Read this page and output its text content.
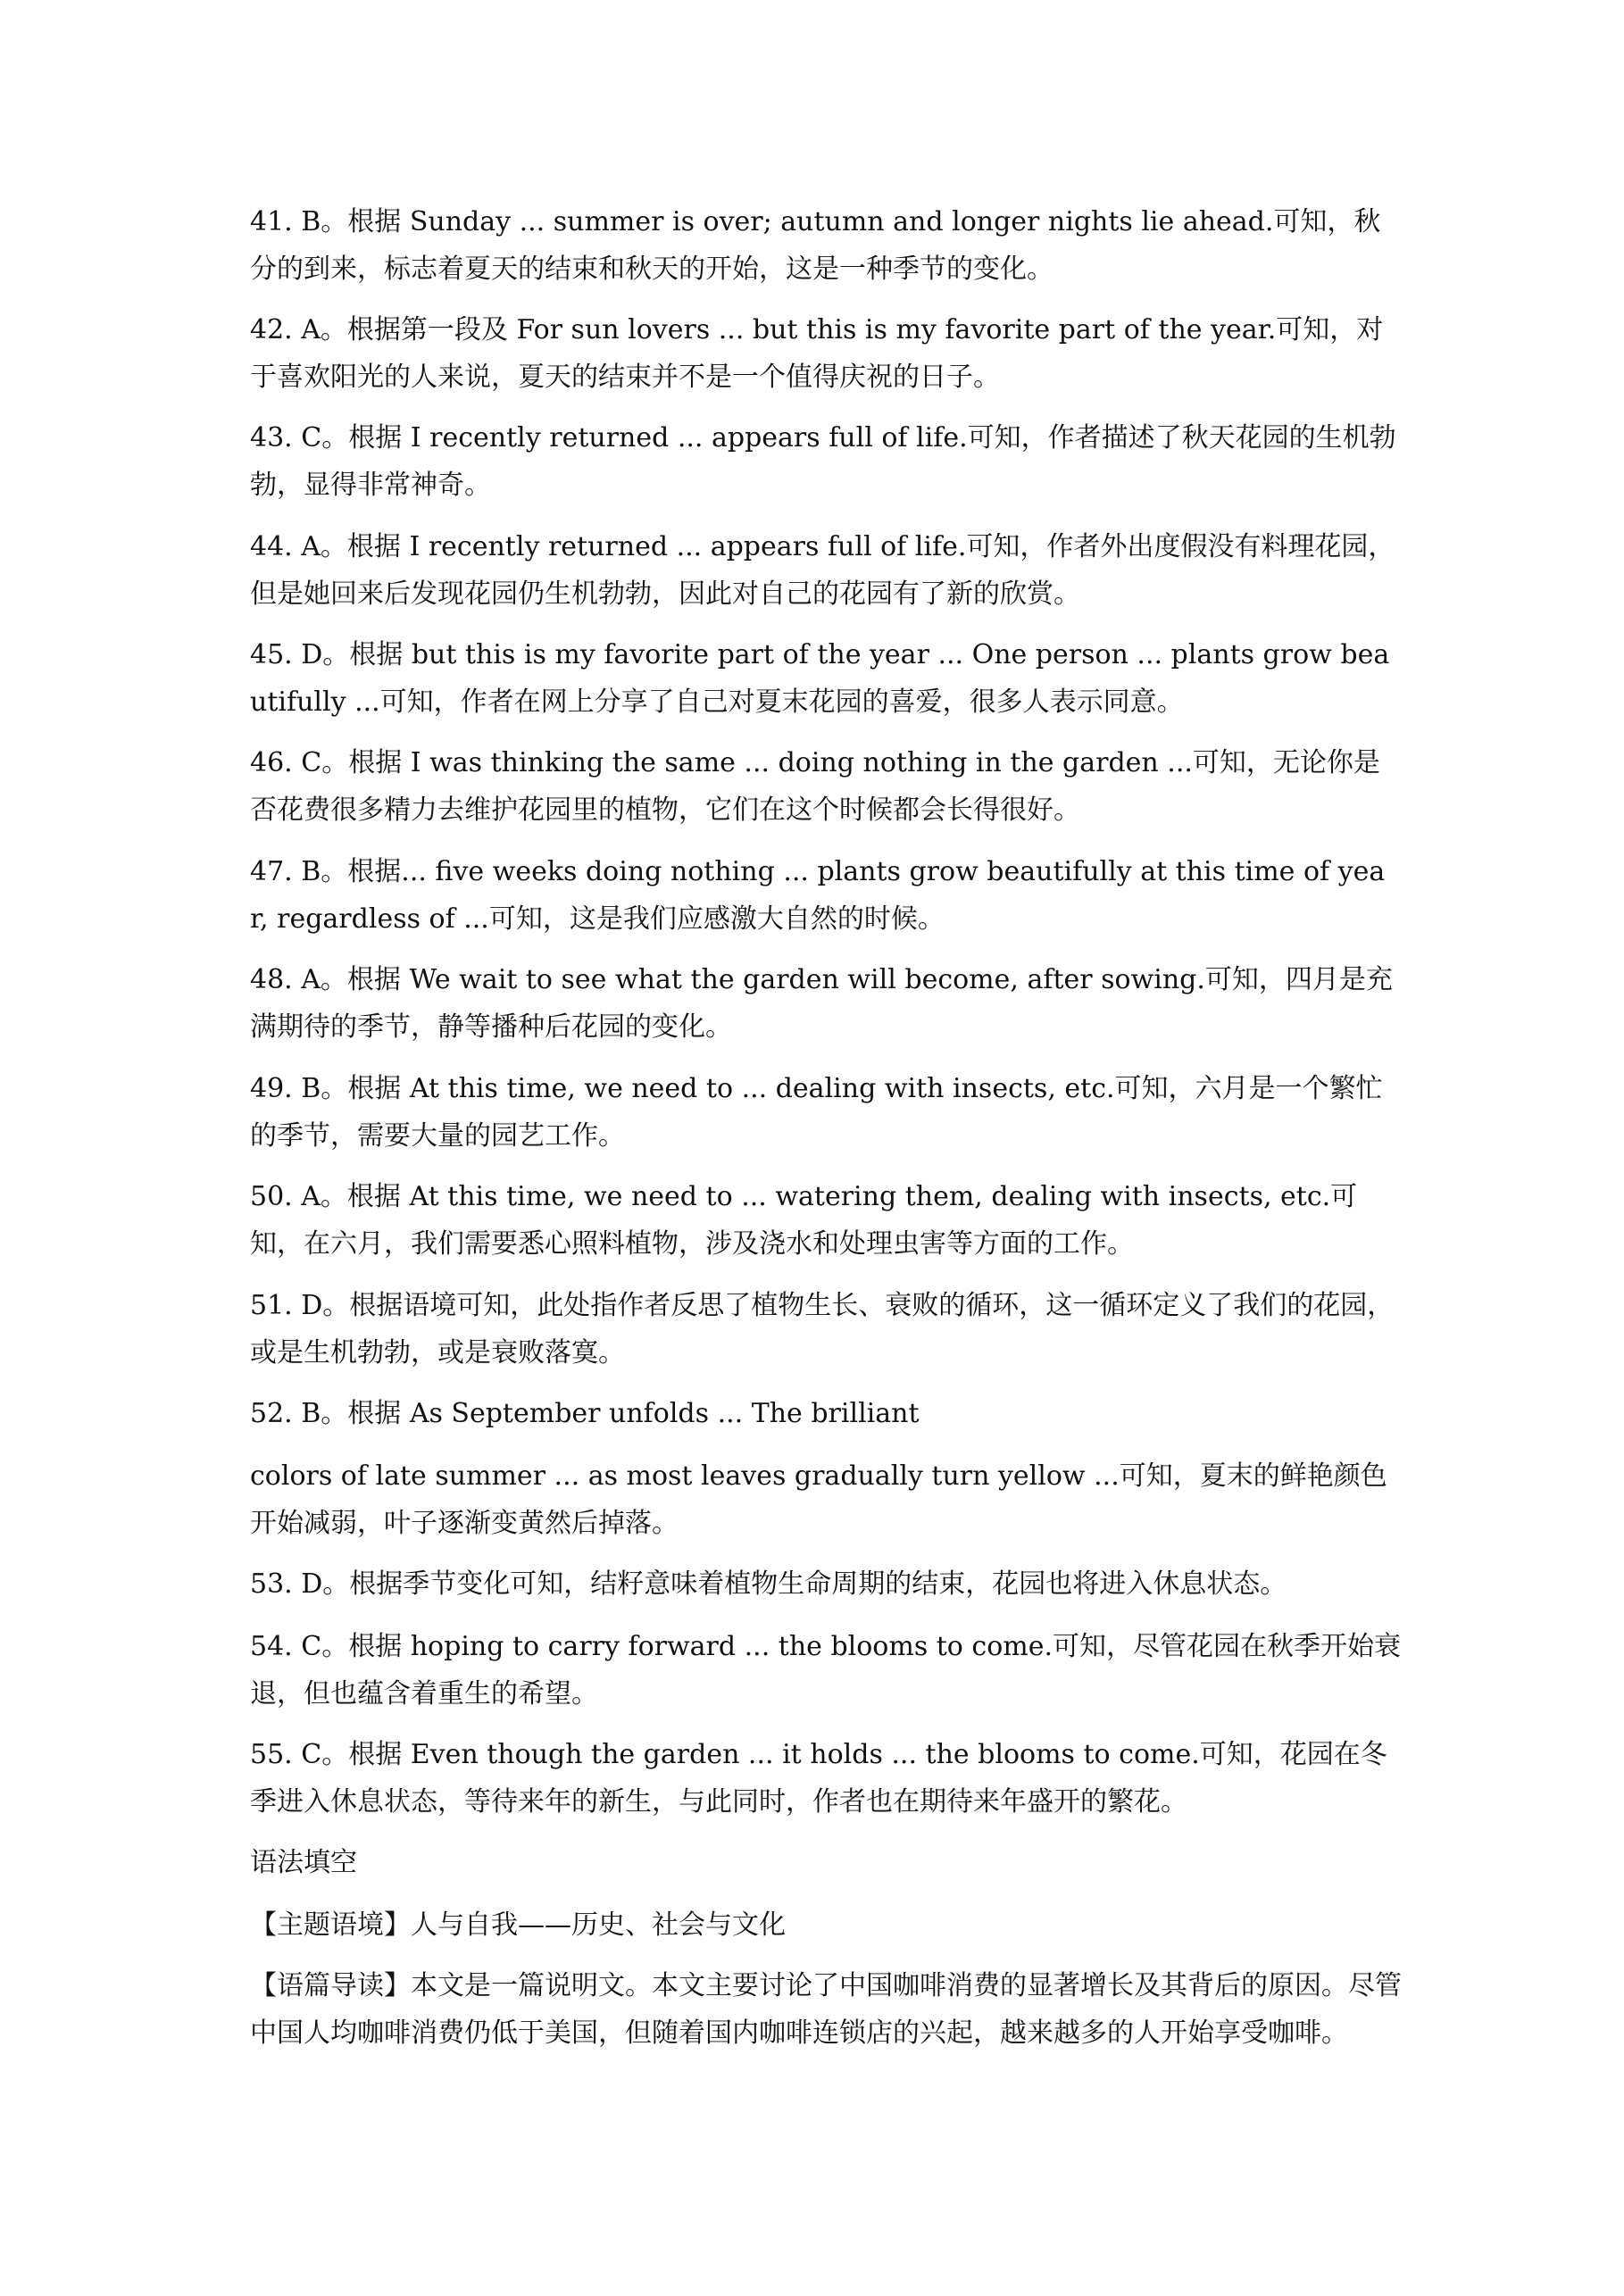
41. B。根据 Sunday ... summer is over; autumn and longer nights lie ahead.可知，秋分的到来，标志着夏天的结束和秋天的开始，这是一种季节的变化。

42. A。根据第一段及 For sun lovers ... but this is my favorite part of the year.可知，对于喜欢阳光的人来说，夏天的结束并不是一个值得庆祝的日子。

43. C。根据 I recently returned ... appears full of life.可知，作者描述了秋天花园的生机勃勃，显得非常神奇。

44. A。根据 I recently returned ... appears full of life.可知，作者外出度假没有料理花园，但是她回来后发现花园仍生机勃勃，因此对自己的花园有了新的欣赏。

45. D。根据 but this is my favorite part of the year ... One person ... plants grow beautifully ...可知，作者在网上分享了自己对夏末花园的喜爱，很多人表示同意。

46. C。根据 I was thinking the same ... doing nothing in the garden ...可知，无论你是否花费很多精力去维护花园里的植物，它们在这个时候都会长得很好。

47. B。根据... five weeks doing nothing ... plants grow beautifully at this time of year, regardless of ...可知，这是我们应感激大自然的时候。

48. A。根据 We wait to see what the garden will become, after sowing.可知，四月是充满期待的季节，静等播种后花园的变化。

49. B。根据 At this time, we need to ... dealing with insects, etc.可知，六月是一个繁忙的季节，需要大量的园艺工作。

50. A。根据 At this time, we need to ... watering them, dealing with insects, etc.可知，在六月，我们需要悉心照料植物，涉及浇水和处理虫害等方面的工作。

51. D。根据语境可知，此处指作者反思了植物生长、衰败的循环，这一循环定义了我们的花园，或是生机勃勃，或是衰败落寞。

52. B。根据 As September unfolds ... The brilliant

colors of late summer ... as most leaves gradually turn yellow ...可知，夏末的鲜艳颜色开始减弱，叶子逐渐变黄然后掉落。

53. D。根据季节变化可知，结籽意味着植物生命周期的结束，花园也将进入休息状态。

54. C。根据 hoping to carry forward ... the blooms to come.可知，尽管花园在秋季开始衰退，但也蕴含着重生的希望。

55. C。根据 Even though the garden ... it holds ... the blooms to come.可知，花园在冬季进入休息状态，等待来年的新生，与此同时，作者也在期待来年盛开的繁花。

语法填空

【主题语境】人与自我——历史、社会与文化

【语篇导读】本文是一篇说明文。本文主要讨论了中国咖啡消费的显著增长及其背后的原因。尽管中国人均咖啡消费仍低于美国，但随着国内咖啡连锁店的兴起，越来越多的人开始享受咖啡。
